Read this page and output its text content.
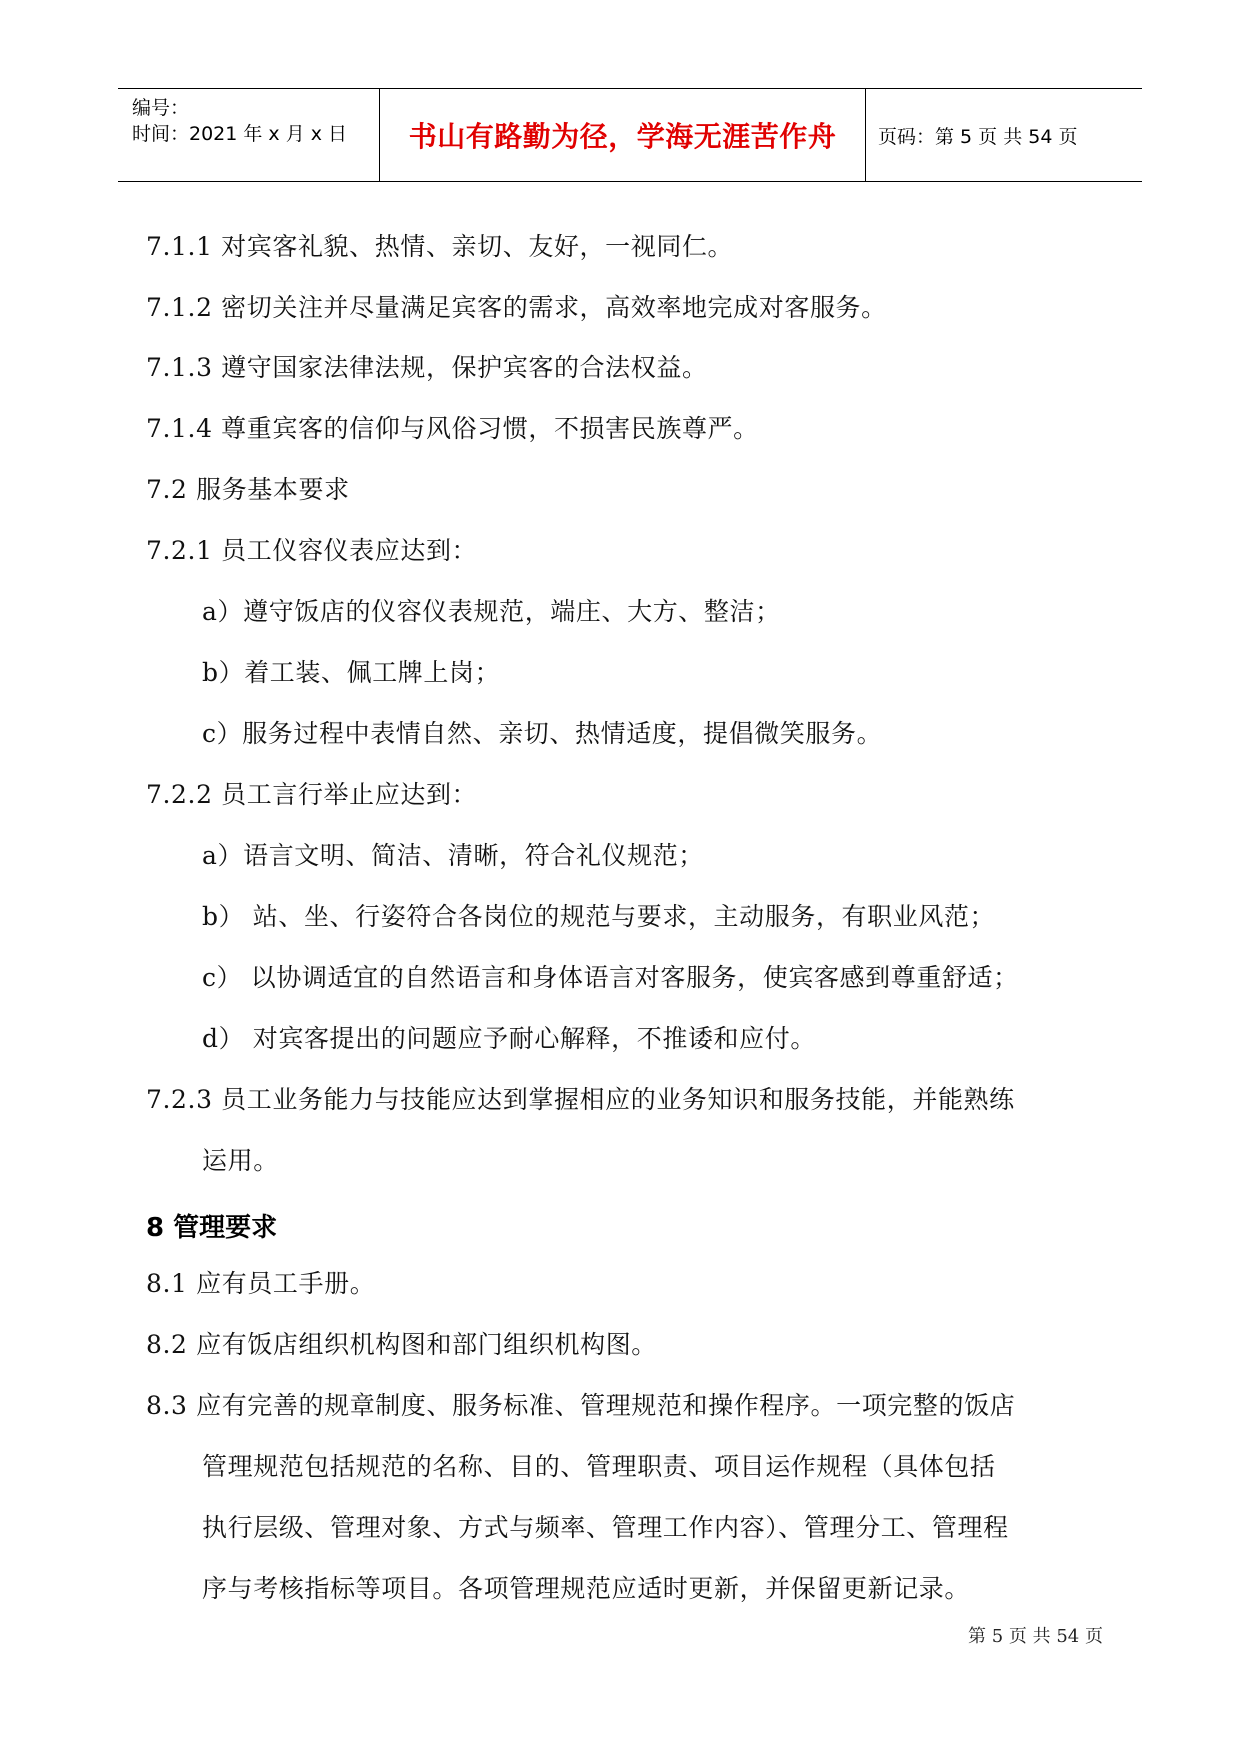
编号：
时间：2021 年 x 月 x 日 书山有路勤为径，学海无涯苦作舟 页码：第 5 页 共 54 页
7.1.1 对宾客礼貌、热情、亲切、友好，一视同仁。
7.1.2 密切关注并尽量满足宾客的需求，高效率地完成对客服务。
7.1.3 遵守国家法律法规，保护宾客的合法权益。
7.1.4 尊重宾客的信仰与风俗习惯，不损害民族尊严。
7.2 服务基本要求
7.2.1 员工仪容仪表应达到：
a）遵守饭店的仪容仪表规范，端庄、大方、整洁；
b）着工装、佩工牌上岗；
c）服务过程中表情自然、亲切、热情适度，提倡微笑服务。
7.2.2 员工言行举止应达到：
a）语言文明、简洁、清晰，符合礼仪规范；
b） 站、坐、行姿符合各岗位的规范与要求，主动服务，有职业风范；
c） 以协调适宜的自然语言和身体语言对客服务，使宾客感到尊重舒适；
d） 对宾客提出的问题应予耐心解释，不推诿和应付。
7.2.3 员工业务能力与技能应达到掌握相应的业务知识和服务技能，并能熟练
运用。
8 管理要求
8.1 应有员工手册。
8.2 应有饭店组织机构图和部门组织机构图。
8.3 应有完善的规章制度、服务标准、管理规范和操作程序。一项完整的饭店
管理规范包括规范的名称、目的、管理职责、项目运作规程（具体包括
执行层级、管理对象、方式与频率、管理工作内容）、管理分工、管理程
序与考核指标等项目。各项管理规范应适时更新，并保留更新记录。
第 5 页 共 54 页
